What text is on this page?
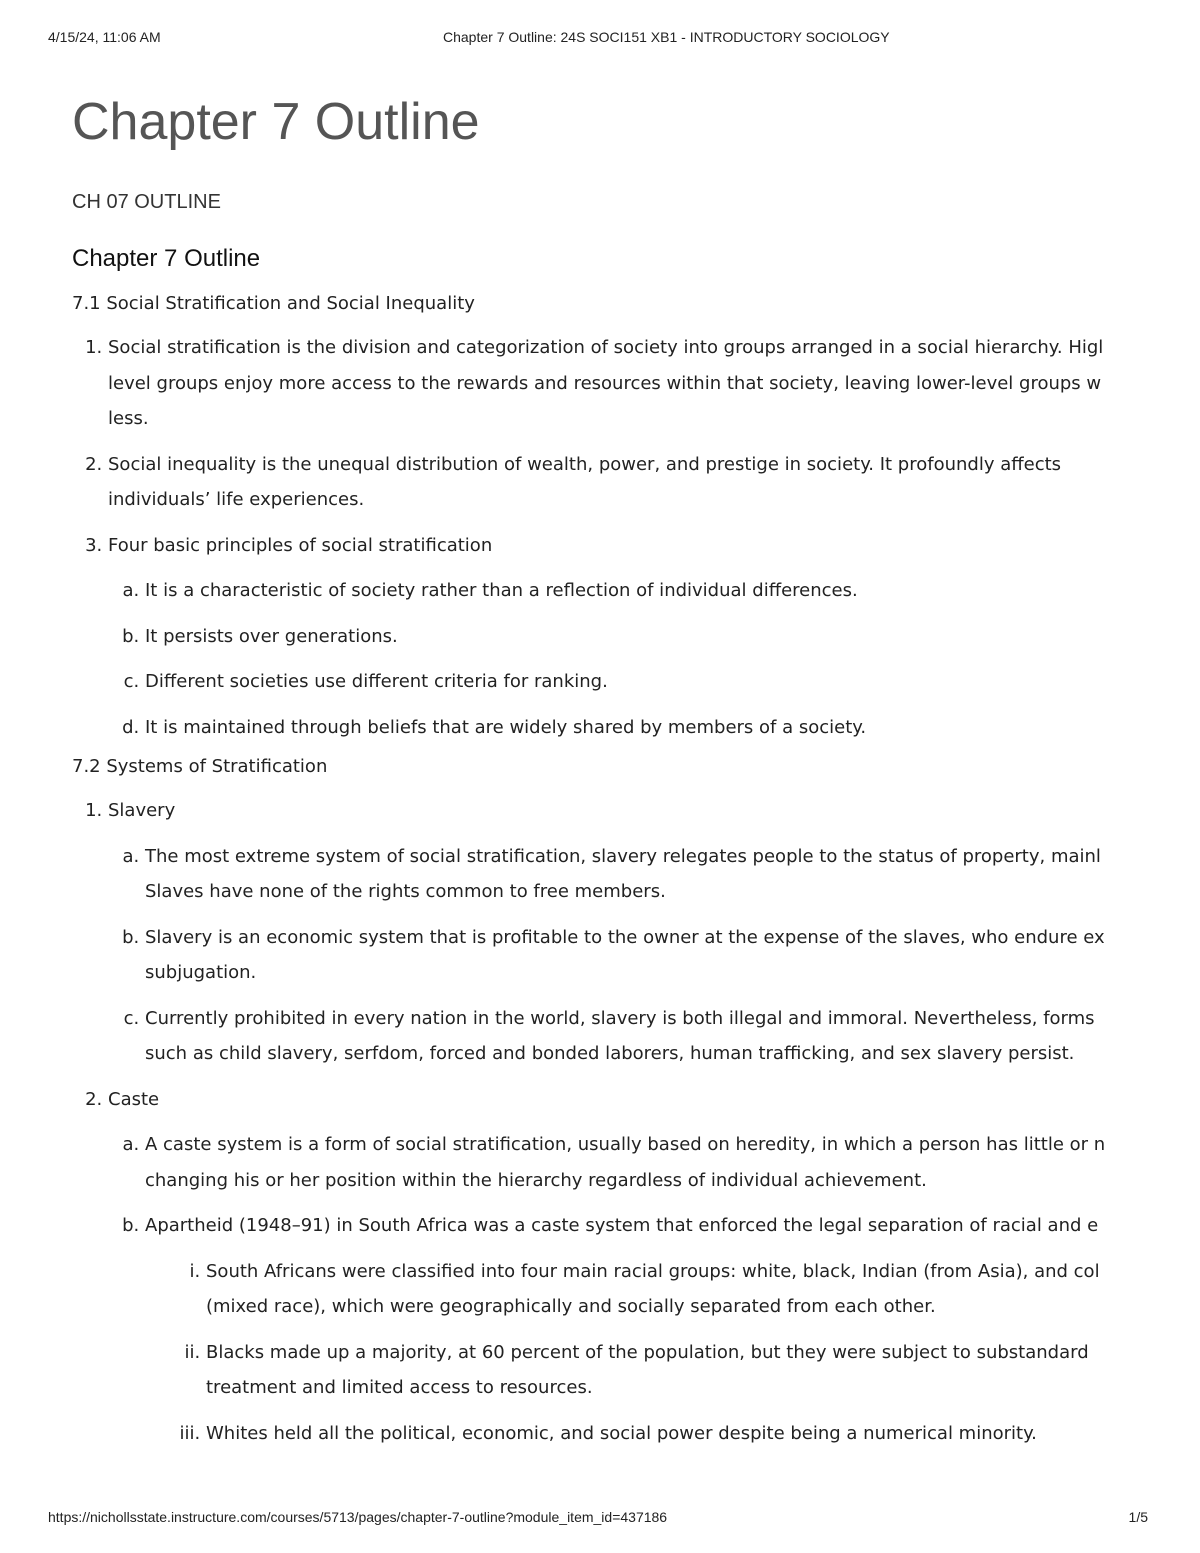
4/15/24, 11:06 AM	Chapter 7 Outline: 24S SOCI151 XB1 - INTRODUCTORY SOCIOLOGY
Chapter 7 Outline
CH 07 OUTLINE
Chapter 7 Outline
7.1 Social Stratification and Social Inequality
1. Social stratification is the division and categorization of society into groups arranged in a social hierarchy. Higl
level groups enjoy more access to the rewards and resources within that society, leaving lower-level groups w
less.
2. Social inequality is the unequal distribution of wealth, power, and prestige in society. It profoundly affects
individuals’ life experiences.
3. Four basic principles of social stratification
a. It is a characteristic of society rather than a reflection of individual differences.
b. It persists over generations.
c. Different societies use different criteria for ranking.
d. It is maintained through beliefs that are widely shared by members of a society.
7.2 Systems of Stratification
1. Slavery
a. The most extreme system of social stratification, slavery relegates people to the status of property, mainl
Slaves have none of the rights common to free members.
b. Slavery is an economic system that is profitable to the owner at the expense of the slaves, who endure ex
subjugation.
c. Currently prohibited in every nation in the world, slavery is both illegal and immoral. Nevertheless, forms
such as child slavery, serfdom, forced and bonded laborers, human trafficking, and sex slavery persist.
2. Caste
a. A caste system is a form of social stratification, usually based on heredity, in which a person has little or n
changing his or her position within the hierarchy regardless of individual achievement.
b. Apartheid (1948–91) in South Africa was a caste system that enforced the legal separation of racial and e
i. South Africans were classified into four main racial groups: white, black, Indian (from Asia), and col
(mixed race), which were geographically and socially separated from each other.
ii. Blacks made up a majority, at 60 percent of the population, but they were subject to substandard
treatment and limited access to resources.
iii. Whites held all the political, economic, and social power despite being a numerical minority.
https://nichollsstate.instructure.com/courses/5713/pages/chapter-7-outline?module_item_id=437186	1/5
